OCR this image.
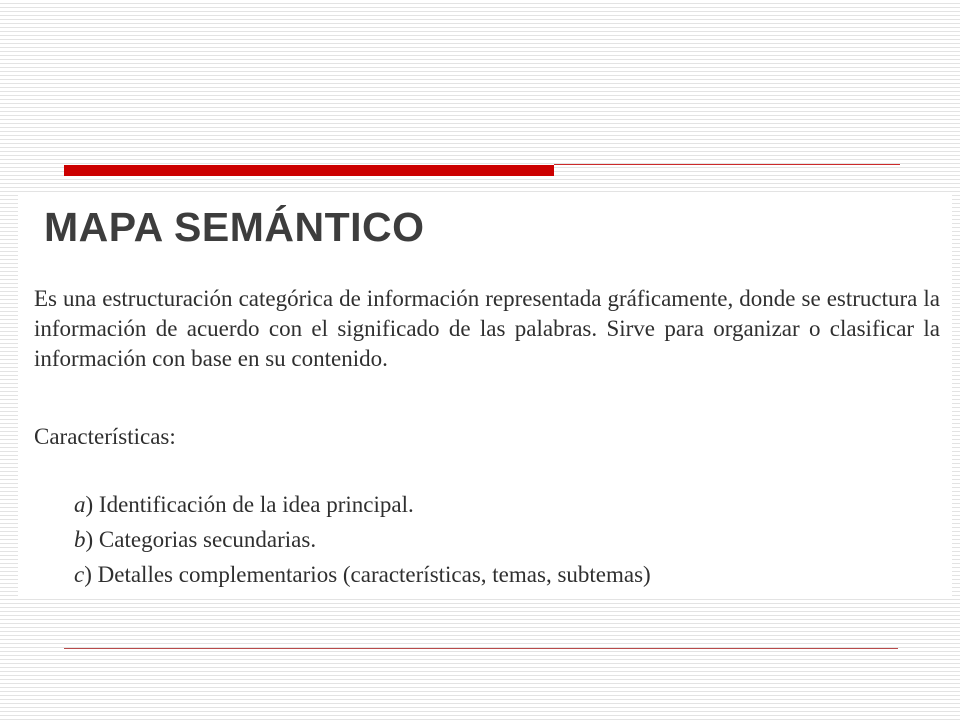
MAPA SEMÁNTICO

Es una estructuración categórica de información representada gráficamente, donde se estructura la información de acuerdo con el significado de las palabras. Sirve para organizar o clasificar la información con base en su contenido.

Características:

a) Identificación de la idea principal.
b) Categorias secundarias.
c) Detalles complementarios (características, temas, subtemas)
